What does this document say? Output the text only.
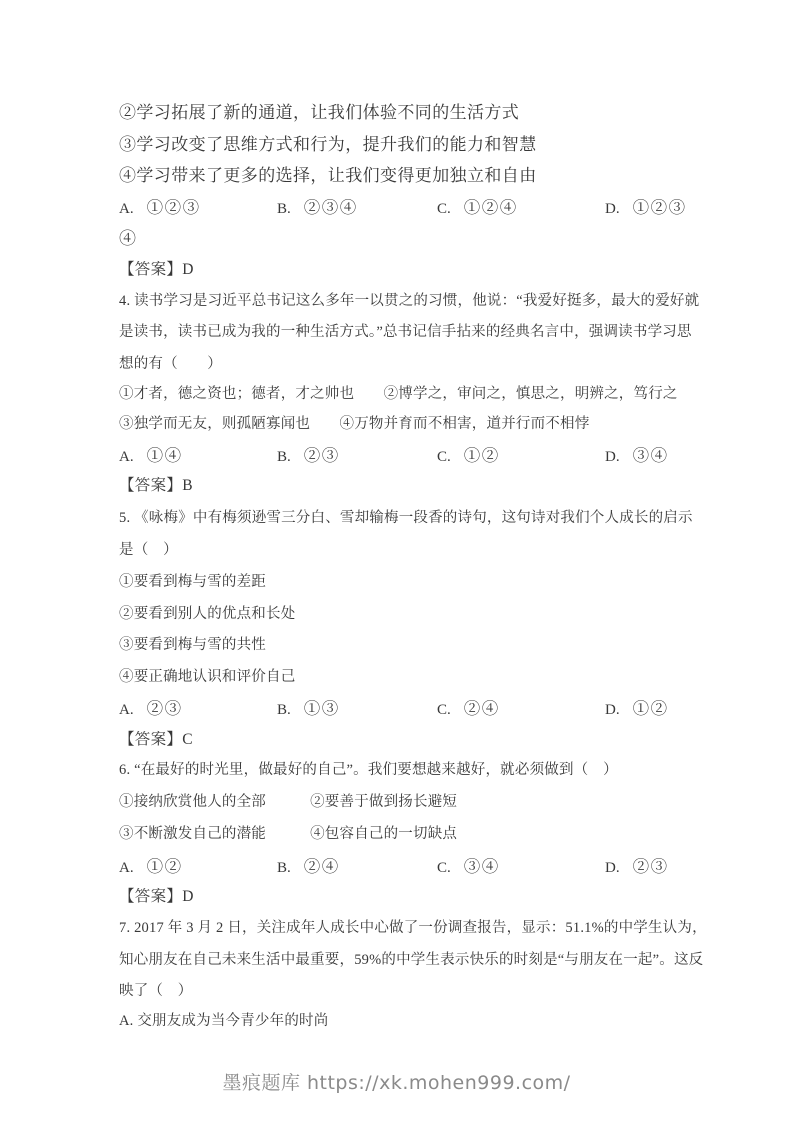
②学习拓展了新的通道，让我们体验不同的生活方式
③学习改变了思维方式和行为，提升我们的能力和智慧
④学习带来了更多的选择，让我们变得更加独立和自由

A. ①②③

	B. ②③④

	C. ①②④

	D. ①②③

④
【答案】D
4. 读书学习是习近平总书记这么多年一以贯之的习惯，他说：“我爱好挺多，最大的爱好就
是读书，读书已成为我的一种生活方式。”总书记信手拈来的经典名言中，强调读书学习思
想的有（　　）
①才者，德之资也；德者，才之帅也　　②博学之，审问之，慎思之，明辨之，笃行之
③独学而无友，则孤陋寡闻也　　④万物并育而不相害，道并行而不相悖

A. ①④

	B. ②③

	C. ①②

	D. ③④

【答案】B
5. 《咏梅》中有梅须逊雪三分白、雪却输梅一段香的诗句，这句诗对我们个人成长的启示
是（　）
①要看到梅与雪的差距
②要看到别人的优点和长处
③要看到梅与雪的共性
④要正确地认识和评价自己

A. ②③

	B. ①③

	C. ②④

	D. ①②

【答案】C
6. “在最好的时光里，做最好的自己”。我们要想越来越好，就必须做到（　）
①接纳欣赏他人的全部　　　②要善于做到扬长避短
③不断激发自己的潜能　　　④包容自己的一切缺点

A. ①②

	B. ②④

	C. ③④

	D. ②③

【答案】D
7. 2017 年 3 月 2 日，关注成年人成长中心做了一份调查报告，显示：51.1%的中学生认为，
知心朋友在自己未来生活中最重要，59%的中学生表示快乐的时刻是“与朋友在一起”。这反
映了（　）
A. 交朋友成为当今青少年的时尚
墨痕题库 https://xk.mohen999.com/
